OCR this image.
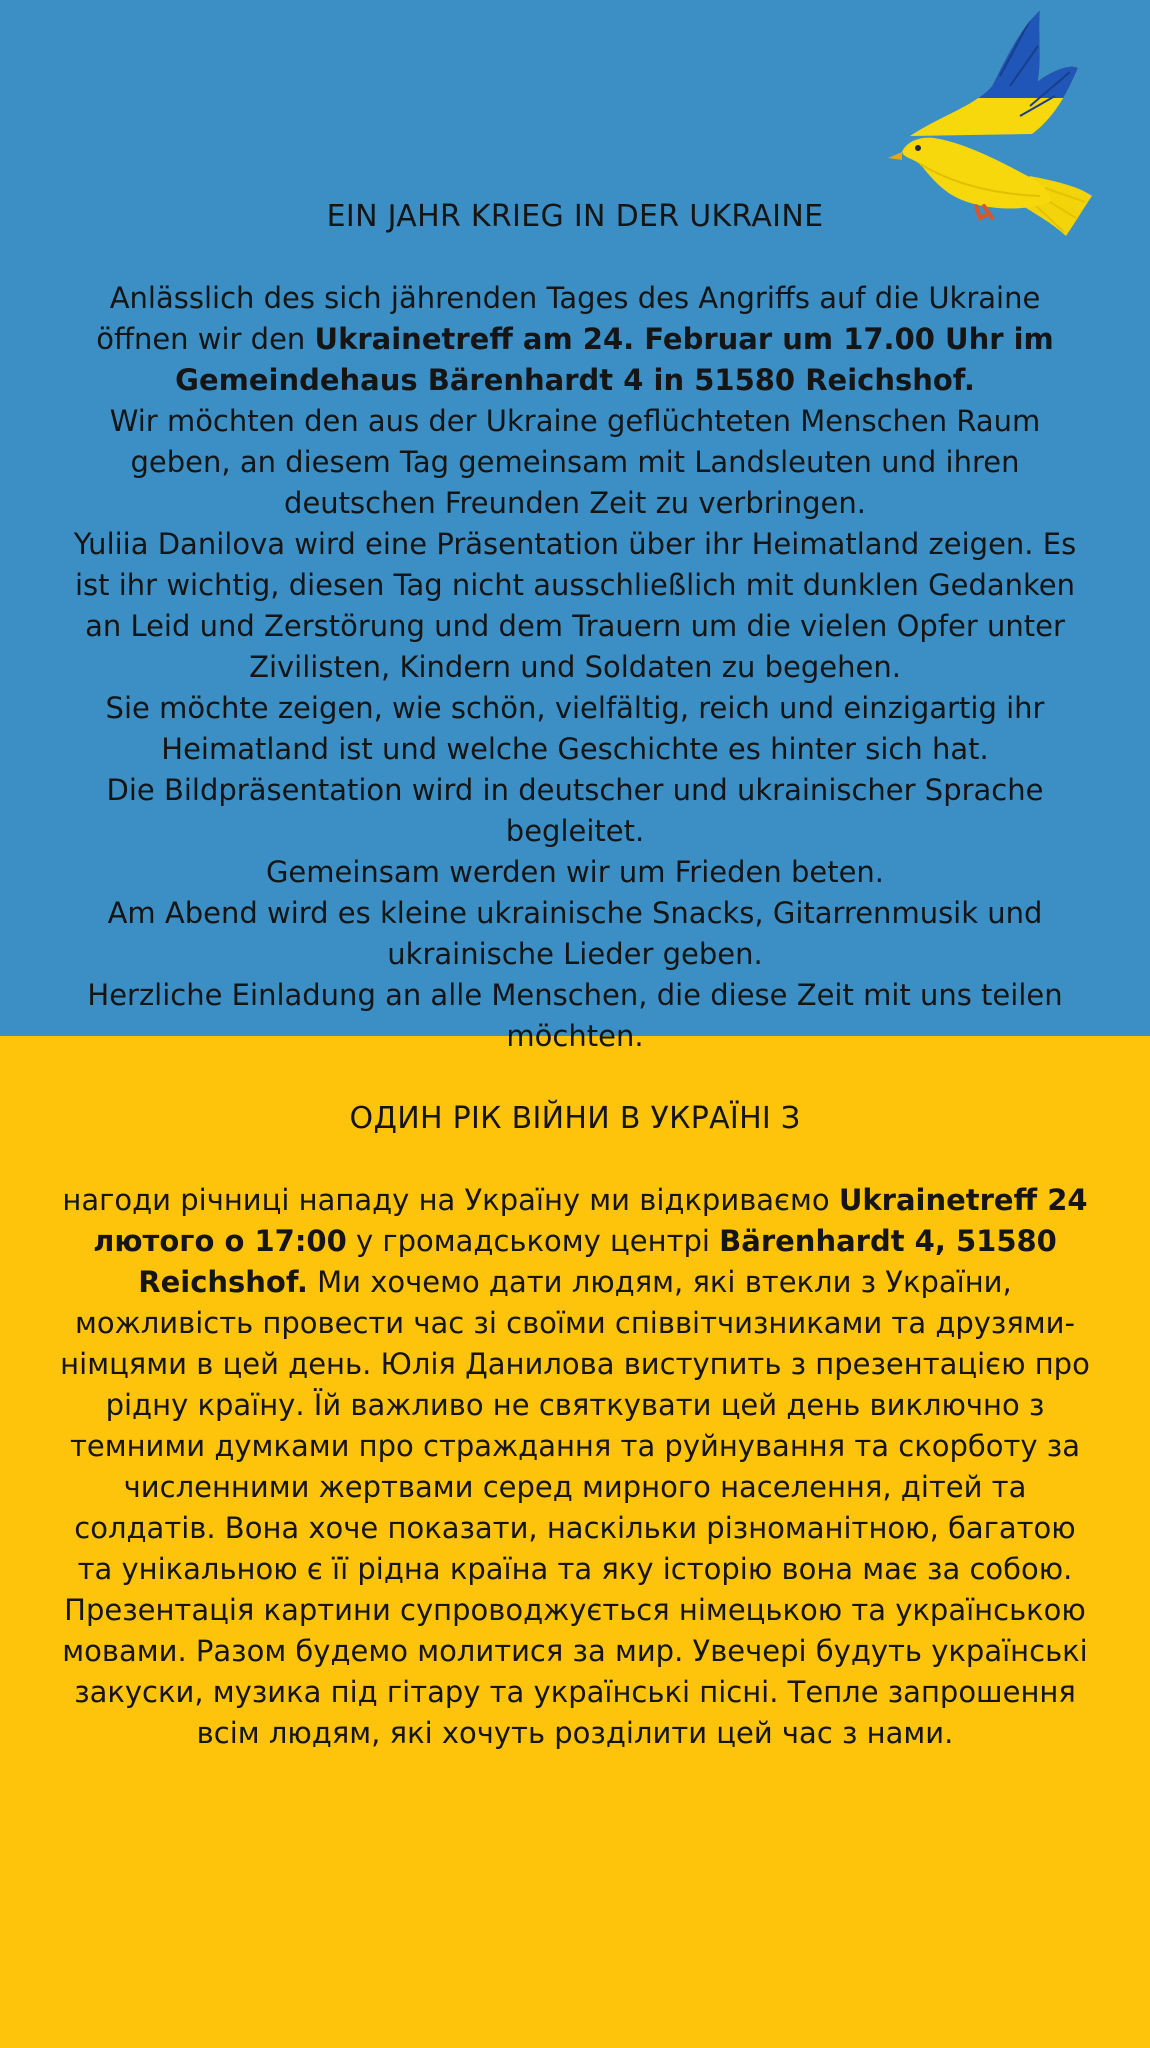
EIN JAHR KRIEG IN DER UKRAINE

Anlässlich des sich jährenden Tages des Angriffs auf die Ukraine öffnen wir den Ukrainetreff am 24. Februar um 17.00 Uhr im Gemeindehaus Bärenhardt 4 in 51580 Reichshof.

Wir möchten den aus der Ukraine geflüchteten Menschen Raum geben, an diesem Tag gemeinsam mit Landsleuten und ihren deutschen Freunden Zeit zu verbringen.

Yuliia Danilova wird eine Präsentation über ihr Heimatland zeigen. Es ist ihr wichtig, diesen Tag nicht ausschließlich mit dunklen Gedanken an Leid und Zerstörung und dem Trauern um die vielen Opfer unter Zivilisten, Kindern und Soldaten zu begehen.

Sie möchte zeigen, wie schön, vielfältig, reich und einzigartig ihr Heimatland ist und welche Geschichte es hinter sich hat.

Die Bildpräsentation wird in deutscher und ukrainischer Sprache begleitet.

Gemeinsam werden wir um Frieden beten.

Am Abend wird es kleine ukrainische Snacks, Gitarrenmusik und ukrainische Lieder geben.

Herzliche Einladung an alle Menschen, die diese Zeit mit uns teilen möchten.

ОДИН РІК ВІЙНИ В УКРАЇНІ З

нагоди річниці нападу на Україну ми відкриваємо Ukrainetreff 24 лютого о 17:00 у громадському центрі Bärenhardt 4, 51580 Reichshof. Ми хочемо дати людям, які втекли з України, можливість провести час зі своїми співвітчизниками та друзями-німцями в цей день. Юлія Данилова виступить з презентацією про рідну країну. Їй важливо не святкувати цей день виключно з темними думками про страждання та руйнування та скорботу за численними жертвами серед мирного населення, дітей та солдатів. Вона хоче показати, наскільки різноманітною, багатою та унікальною є її рідна країна та яку історію вона має за собою. Презентація картини супроводжується німецькою та українською мовами. Разом будемо молитися за мир. Увечері будуть українські закуски, музика під гітару та українські пісні. Тепле запрошення всім людям, які хочуть розділити цей час з нами.
